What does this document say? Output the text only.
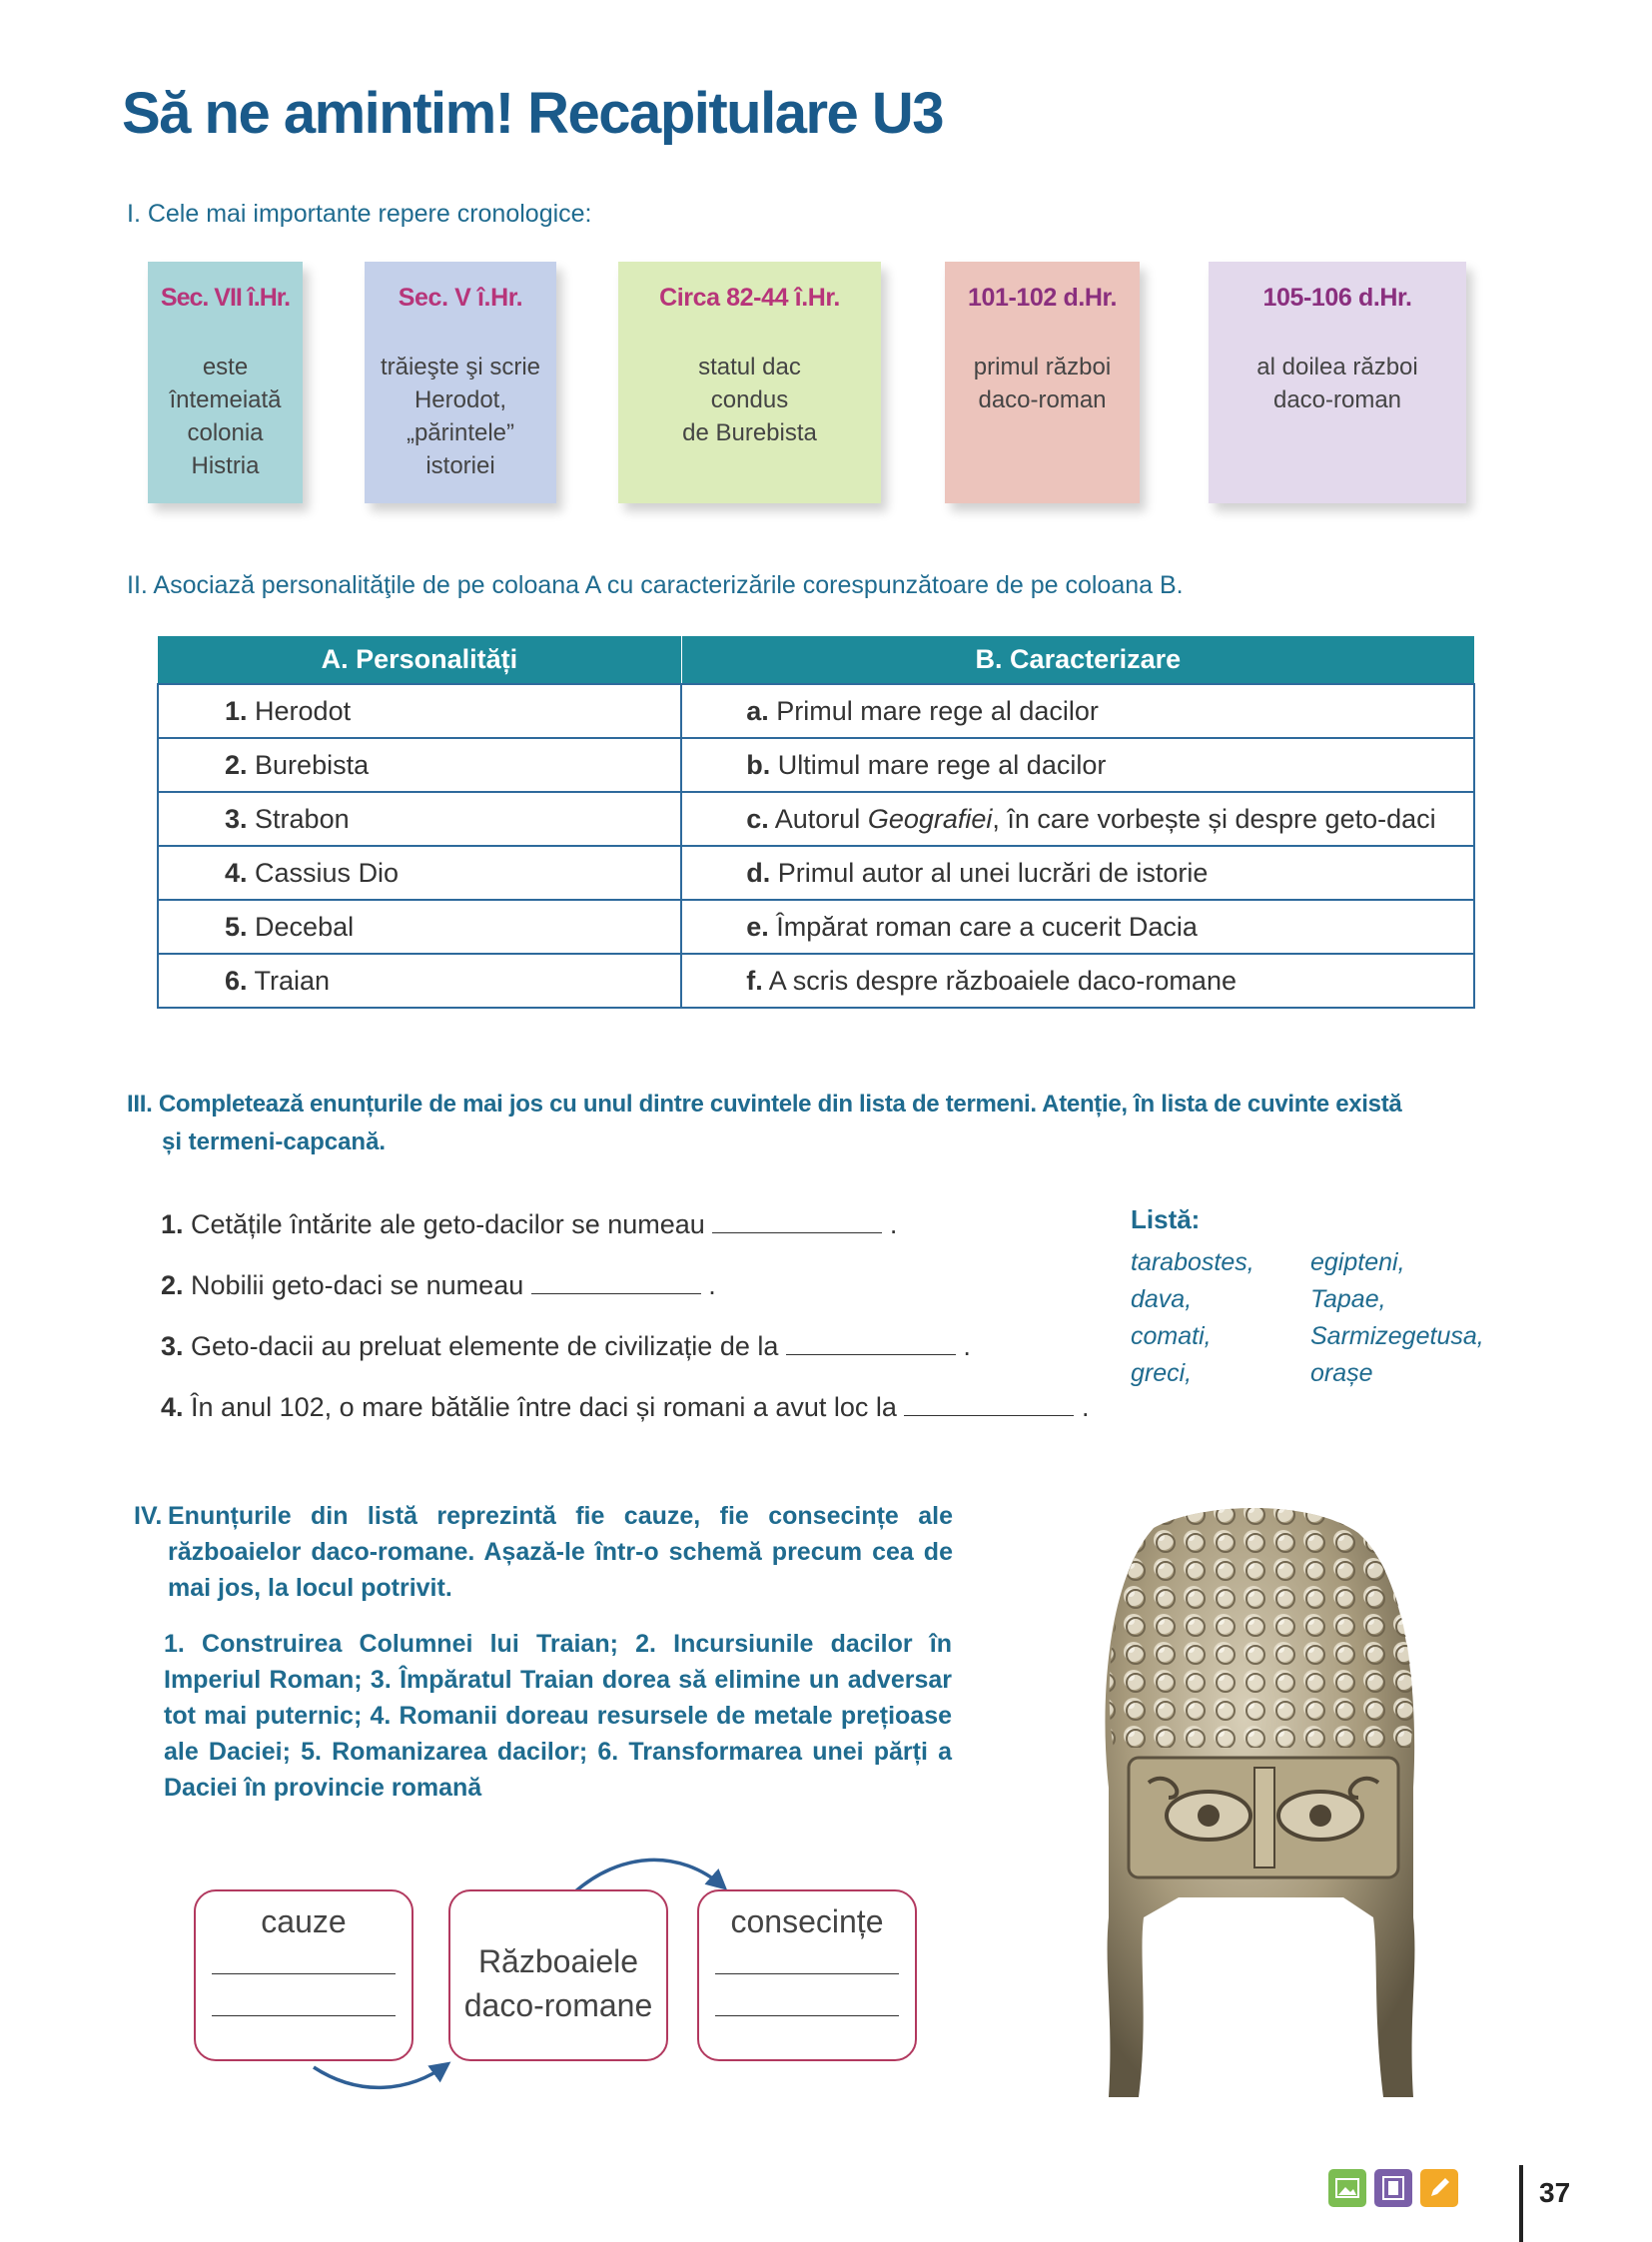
Să ne amintim! Recapitulare U3
I. Cele mai importante repere cronologice:
Sec. VII î.Hr.
este
întemeiată
colonia
Histria
Sec. V î.Hr.
trăieşte şi scrie
Herodot,
„părintele”
istoriei
Circa 82-44 î.Hr.
statul dac
condus
de Burebista
101-102 d.Hr.
primul război
daco-roman
105-106 d.Hr.
al doilea război
daco-roman
II. Asociază personalităţile de pe coloana A cu caracterizările corespunzătoare de pe coloana B.
A. Personalități	B. Caracterizare
1. Herodot	a. Primul mare rege al dacilor
2. Burebista	b. Ultimul mare rege al dacilor
3. Strabon	c. Autorul Geografiei, în care vorbește și despre geto-daci
4. Cassius Dio	d. Primul autor al unei lucrări de istorie
5. Decebal	e. Împărat roman care a cucerit Dacia
6. Traian	f. A scris despre războaiele daco-romane
III. Completează enunțurile de mai jos cu unul dintre cuvintele din lista de termeni. Atenție, în lista de cuvinte există
și termeni-capcană.
1. Cetățile întărite ale geto-dacilor se numeau	.
2. Nobilii geto-daci se numeau	.
3. Geto-dacii au preluat elemente de civilizație de la	.
4. În anul 102, o mare bătălie între daci și romani a avut loc la	.
Listă:
tarabostes,
dava,
comati,
greci,
egipteni,
Tapae,
Sarmizegetusa,
orașe
IV. Enunțurile din listă reprezintă fie cauze, fie consecințe ale războaielor daco-romane. Așază-le într-o schemă precum cea de mai jos, la locul potrivit.
1. Construirea Columnei lui Traian; 2. Incursiunile dacilor în Imperiul Roman; 3. Împăratul Traian dorea să elimine un adversar tot mai puternic; 4. Romanii doreau resursele de metale prețioase ale Daciei; 5. Romanizarea dacilor; 6. Transformarea unei părți a Daciei în provincie romană
cauze
Războaiele
daco-romane
consecințe
37
